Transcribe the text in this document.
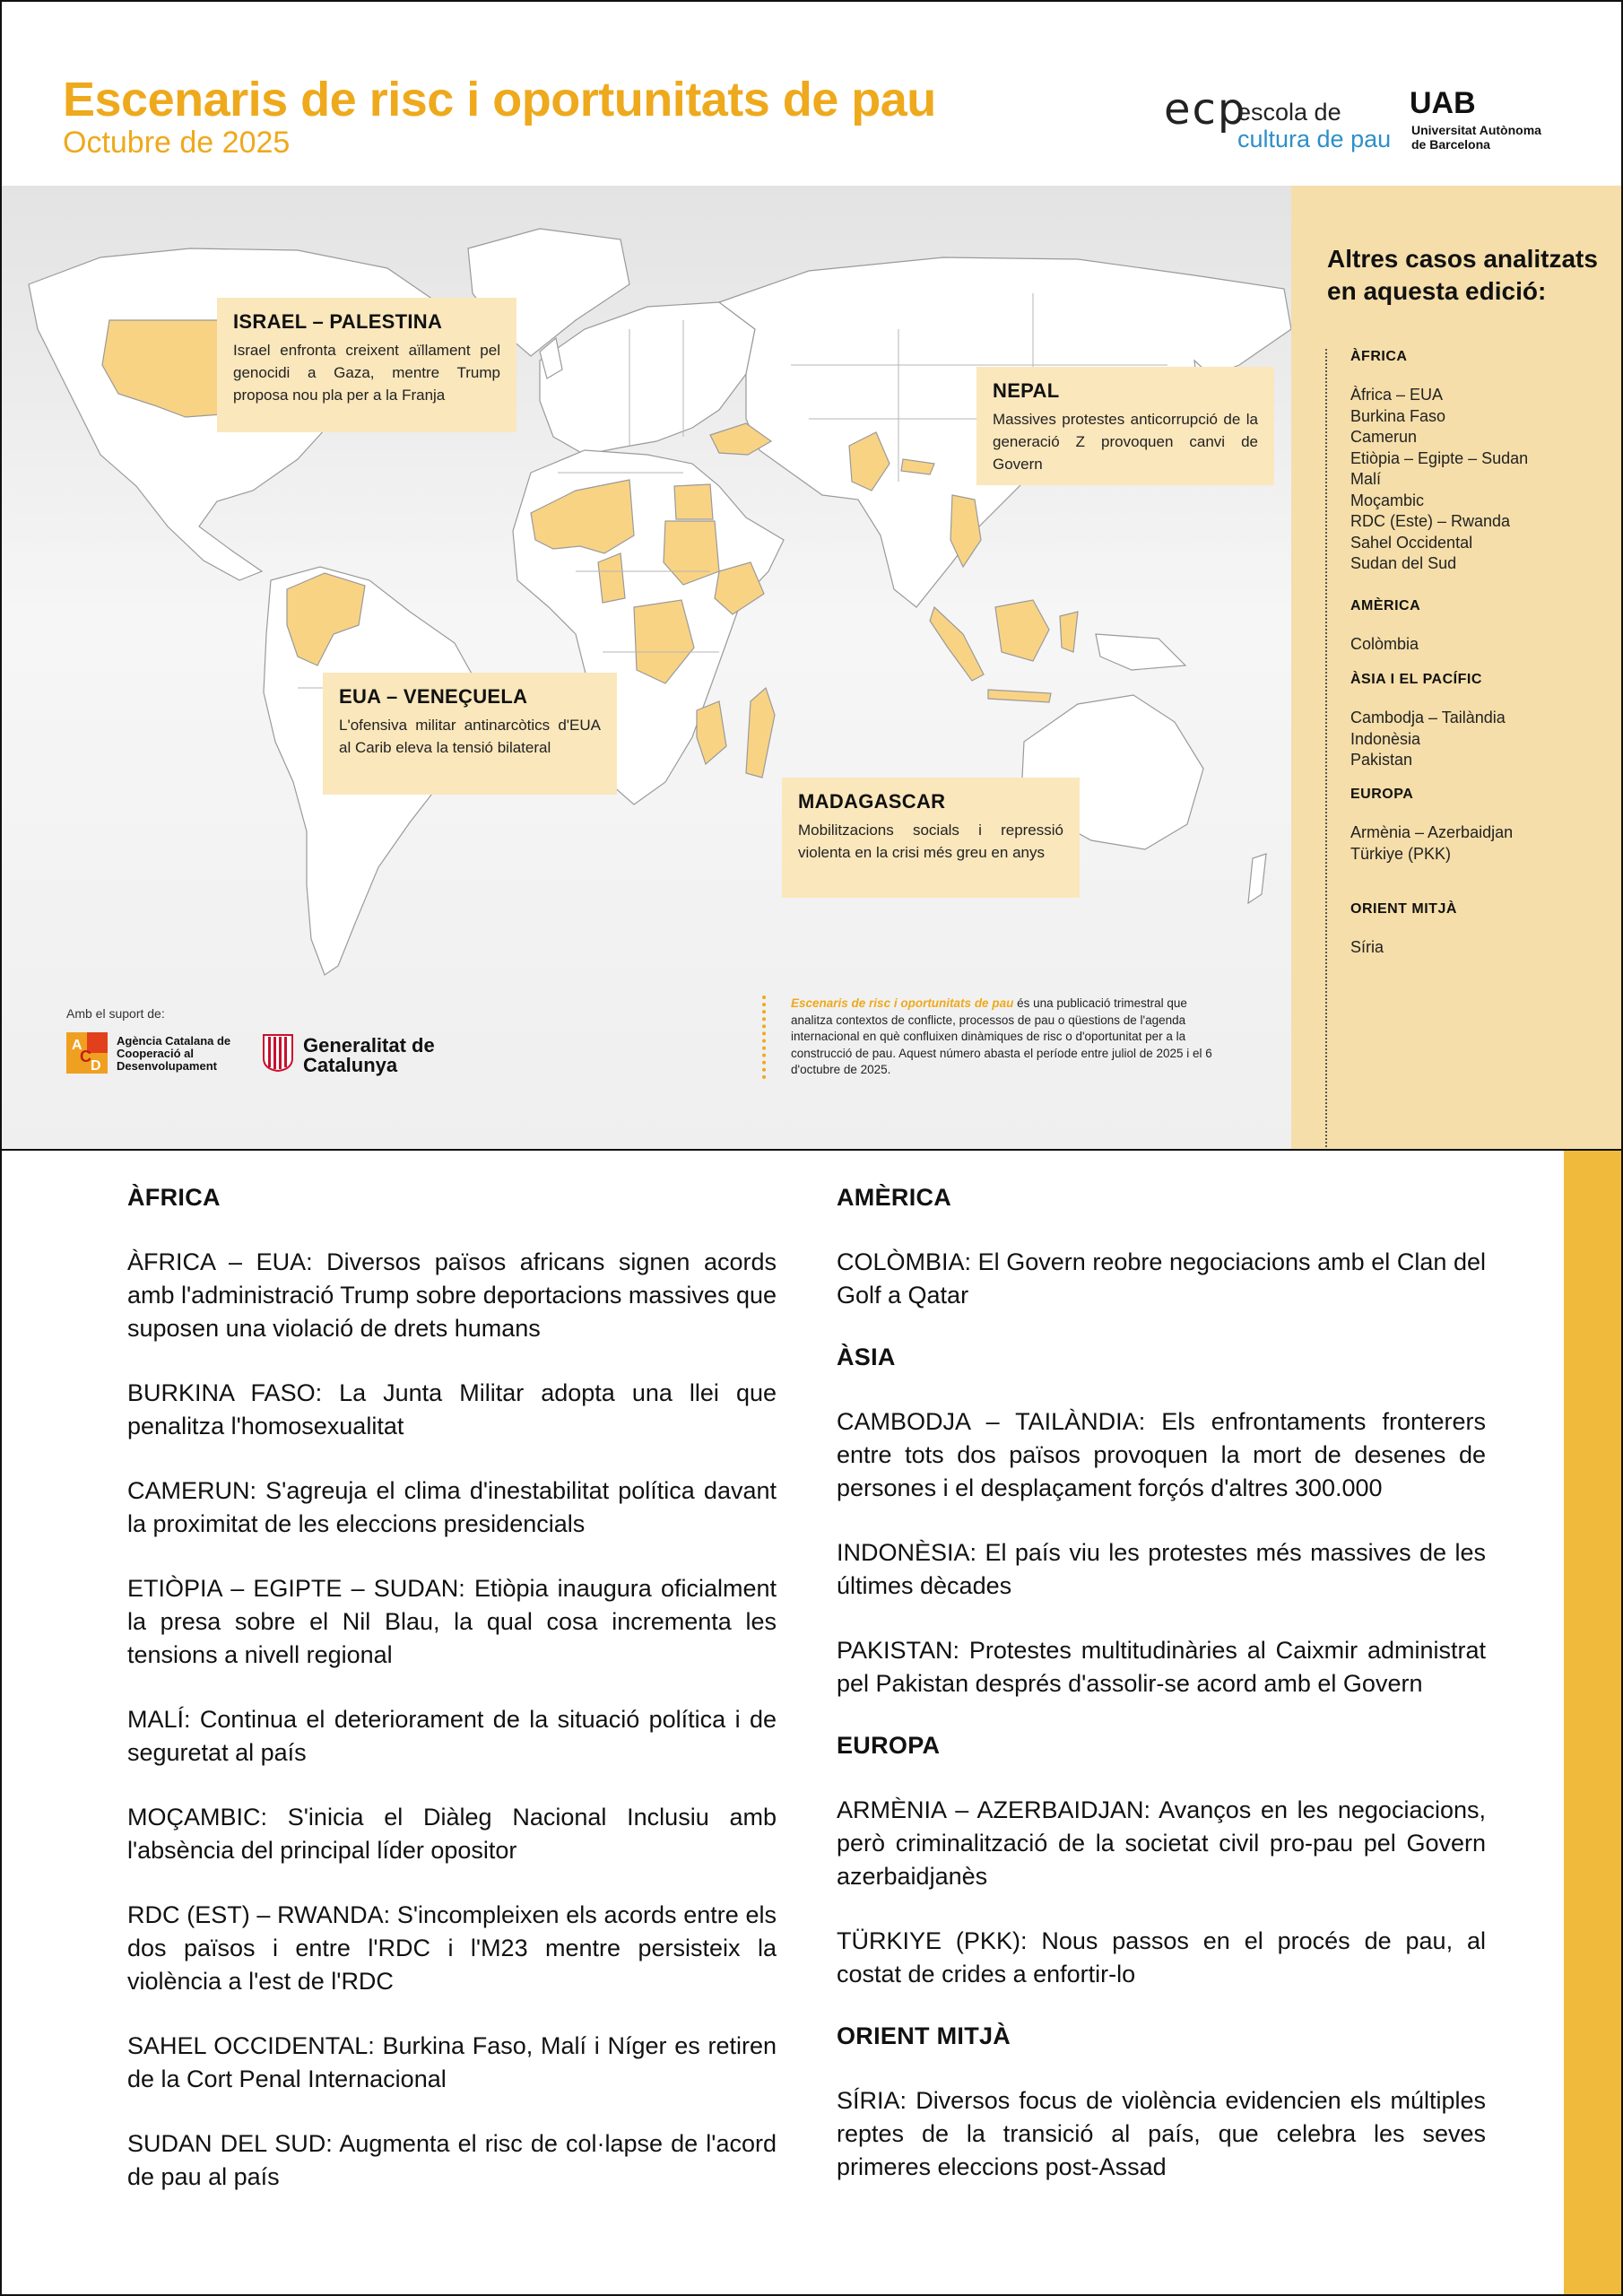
Escenaris de risc i oportunitats de pau
Octubre de 2025
ecp
escola de
cultura de pau
UAB
Universitat Autònoma
de Barcelona
ISRAEL – PALESTINA

Israel enfronta creixent aïllament pel genocidi a Gaza, mentre Trump proposa nou pla per a la Franja	NEPAL

Massives protestes anticorrupció de la generació Z provoquen canvi de Govern

EUA – VENEÇUELA

L'ofensiva militar antinarcòtics d'EUA al Carib eleva la tensió bilateral

MADAGASCAR

Mobilitzacions socials i repressió violenta en la crisi més greu en anys

Amb el suport de:
A
D
C
Agència Catalana de Cooperació al Desenvolupament
Generalitat de Catalunya
Escenaris de risc i oportunitats de pau és una publicació trimestral que analitza contextos de conflicte, processos de pau o qüestions de l'agenda internacional en què confluixen dinàmiques de risc o d'oportunitat per a la construcció de pau. Aquest número abasta el període entre juliol de 2025 i el 6 d'octubre de 2025.
Altres casos analitzats en aquesta edició:
ÀFRICA
Àfrica – EUA
Burkina Faso
Camerun
Etiòpia – Egipte – Sudan
Malí
Moçambic
RDC (Este) – Rwanda
Sahel Occidental
Sudan del Sud
AMÈRICA
Colòmbia
ÀSIA I EL PACÍFIC
Cambodja – Tailàndia
Indonèsia
Pakistan
EUROPA
Armènia – Azerbaidjan
Türkiye (PKK)
ORIENT MITJÀ
Síria
ÀFRICA
ÀFRICA – EUA: Diversos països africans signen acords amb l'administració Trump sobre deportacions massives que suposen una violació de drets humans
BURKINA FASO: La Junta Militar adopta una llei que penalitza l'homosexualitat
CAMERUN: S'agreuja el clima d'inestabilitat política davant la proximitat de les eleccions presidencials
ETIÒPIA – EGIPTE – SUDAN: Etiòpia inaugura oficialment la presa sobre el Nil Blau, la qual cosa incrementa les tensions a nivell regional
MALÍ: Continua el deteriorament de la situació política i de seguretat al país
MOÇAMBIC: S'inicia el Diàleg Nacional Inclusiu amb l'absència del principal líder opositor
RDC (EST) – RWANDA: S'incompleixen els acords entre els dos països i entre l'RDC i l'M23 mentre persisteix la violència a l'est de l'RDC
SAHEL OCCIDENTAL: Burkina Faso, Malí i Níger es retiren de la Cort Penal Internacional
SUDAN DEL SUD: Augmenta el risc de col·lapse de l'acord de pau al país
AMÈRICA
COLÒMBIA: El Govern reobre negociacions amb el Clan del Golf a Qatar
ÀSIA
CAMBODJA – TAILÀNDIA: Els enfrontaments fronterers entre tots dos països provoquen la mort de desenes de persones i el desplaçament forçós d'altres 300.000
INDONÈSIA: El país viu les protestes més massives de les últimes dècades
PAKISTAN: Protestes multitudinàries al Caixmir administrat pel Pakistan després d'assolir-se acord amb el Govern
EUROPA
ARMÈNIA – AZERBAIDJAN: Avanços en les negociacions, però criminalització de la societat civil pro-pau pel Govern azerbaidjanès
TÜRKIYE (PKK): Nous passos en el procés de pau, al costat de crides a enfortir-lo
ORIENT MITJÀ
SÍRIA: Diversos focus de violència evidencien els múltiples reptes de la transició al país, que celebra les seves primeres eleccions post-Assad
